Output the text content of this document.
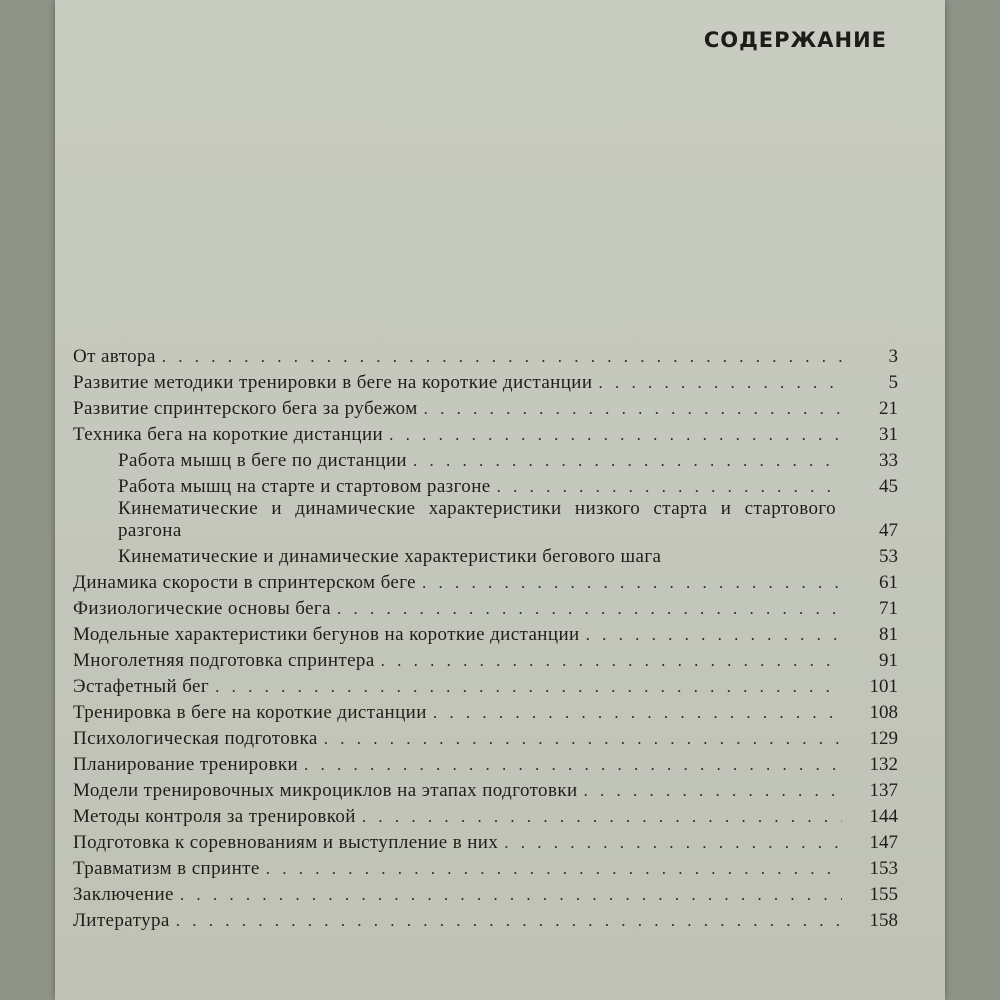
СОДЕРЖАНИЕ
От автора . . .	3
Развитие методики тренировки в беге на короткие дистанции . . .	5
Развитие спринтерского бега за рубежом . . .	21
Техника бега на короткие дистанции . . .	31
Работа мышц в беге по дистанции . . .	33
Работа мышц на старте и стартовом разгоне . . .	45
Кинематические и динамические характеристики низкого старта и стартового разгона	47
Кинематические и динамические характеристики бегового шага	53
Динамика скорости в спринтерском беге . . .	61
Физиологические основы бега . . .	71
Модельные характеристики бегунов на короткие дистанции . . .	81
Многолетняя подготовка спринтера . . .	91
Эстафетный бег . . .	101
Тренировка в беге на короткие дистанции . . .	108
Психологическая подготовка . . .	129
Планирование тренировки . . .	132
Модели тренировочных микроциклов на этапах подготовки . . .	137
Методы контроля за тренировкой . . .	144
Подготовка к соревнованиям и выступление в них . . .	147
Травматизм в спринте . . .	153
Заключение . . .	155
Литература . . .	158
